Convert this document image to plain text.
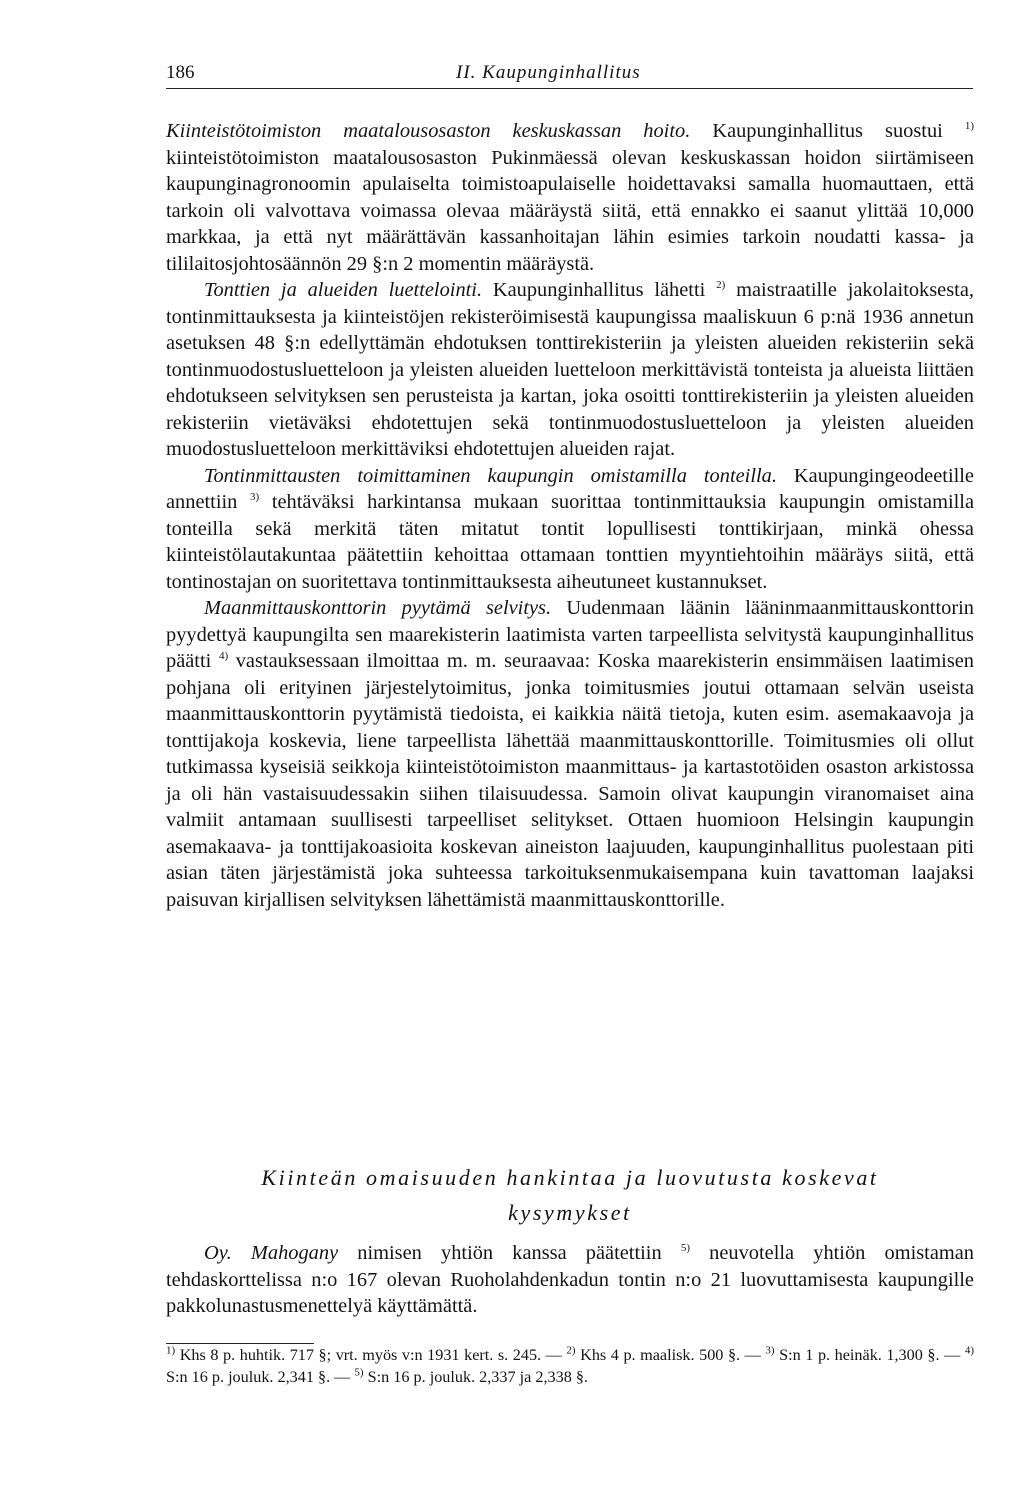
186	II. Kaupunginhallitus

Kiinteistötoimiston maatalousosaston keskuskassan hoito. Kaupunginhallitus suostui $^{1)}$ kiinteistötoimiston maatalousosaston Pukinmäessä olevan keskuskassan hoidon siirtämiseen kaupunginagronoomin apulaiselta toimistoapulaiselle hoidettavaksi samalla huomauttaen, että tarkoin oli valvottava voimassa olevaa määräystä siitä, että ennakko ei saanut ylittää 10,000 markkaa, ja että nyt määrättävän kassanhoitajan lähin esimies tarkoin noudatti kassa- ja tililaitosjohtosäännön 29 §:n 2 momentin määräystä.

Tonttien ja alueiden luettelointi. Kaupunginhallitus lähetti $^{2)}$ maistraatille jakolaitoksesta, tontinmittauksesta ja kiinteistöjen rekisteröimisestä kaupungissa maaliskuun 6 p:nä 1936 annetun asetuksen 48 §:n edellyttämän ehdotuksen tonttirekisteriin ja yleisten alueiden rekisteriin sekä tontinmuodostusluetteloon ja yleisten alueiden luetteloon merkittävistä tonteista ja alueista liittäen ehdotukseen selvityksen sen perusteista ja kartan, joka osoitti tonttirekisteriin ja yleisten alueiden rekisteriin vietäväksi ehdotettujen sekä tontinmuodostusluetteloon ja yleisten alueiden muodostusluetteloon merkittäviksi ehdotettujen alueiden rajat.

Tontinmittausten toimittaminen kaupungin omistamilla tonteilla. Kaupungingeodeetille annettiin $^{3)}$ tehtäväksi harkintansa mukaan suorittaa tontinmittauksia kaupungin omistamilla tonteilla sekä merkitä täten mitatut tontit lopullisesti tonttikirjaan, minkä ohessa kiinteistölautakuntaa päätettiin kehoittaa ottamaan tonttien myyntiehtoihin määräys siitä, että tontinostajan on suoritettava tontinmittauksesta aiheutuneet kustannukset.

Maanmittauskonttorin pyytämä selvitys. Uudenmaan läänin lääninmaanmittauskonttorin pyydettyä kaupungilta sen maarekisterin laatimista varten tarpeellista selvitystä kaupunginhallitus päätti $^{4)}$ vastauksessaan ilmoittaa m. m. seuraavaa: Koska maarekisterin ensimmäisen laatimisen pohjana oli erityinen järjestelytoimitus, jonka toimitusmies joutui ottamaan selvän useista maanmittauskonttorin pyytämistä tiedoista, ei kaikkia näitä tietoja, kuten esim. asemakaavoja ja tonttijakoja koskevia, liene tarpeellista lähettää maanmittauskonttorille. Toimitusmies oli ollut tutkimassa kyseisiä seikkoja kiinteistötoimiston maanmittaus- ja kartastotöiden osaston arkistossa ja oli hän vastaisuudessakin siihen tilaisuudessa. Samoin olivat kaupungin viranomaiset aina valmiit antamaan suullisesti tarpeelliset selitykset. Ottaen huomioon Helsingin kaupungin asemakaava- ja tonttijakoasioita koskevan aineiston laajuuden, kaupunginhallitus puolestaan piti asian täten järjestämistä joka suhteessa tarkoituksenmukaisempana kuin tavattoman laajaksi paisuvan kirjallisen selvityksen lähettämistä maanmittauskonttorille.

Kiinteän omaisuuden hankintaa ja luovutusta koskevat
kysymykset

Oy. Mahogany nimisen yhtiön kanssa päätettiin $^{5)}$ neuvotella yhtiön omistaman tehdaskorttelissa n:o 167 olevan Ruoholahdenkadun tontin n:o 21 luovuttamisesta kaupungille pakkolunastusmenettelyä käyttämättä.

$^{1)}$ Khs 8 p. huhtik. 717 §; vrt. myös v:n 1931 kert. s. 245. — $^{2)}$ Khs 4 p. maalisk. 500 §. — $^{3)}$ S:n 1 p. heinäk. 1,300 §. — $^{4)}$ S:n 16 p. jouluk. 2,341 §. — $^{5)}$ S:n 16 p. jouluk. 2,337 ja 2,338 §.
